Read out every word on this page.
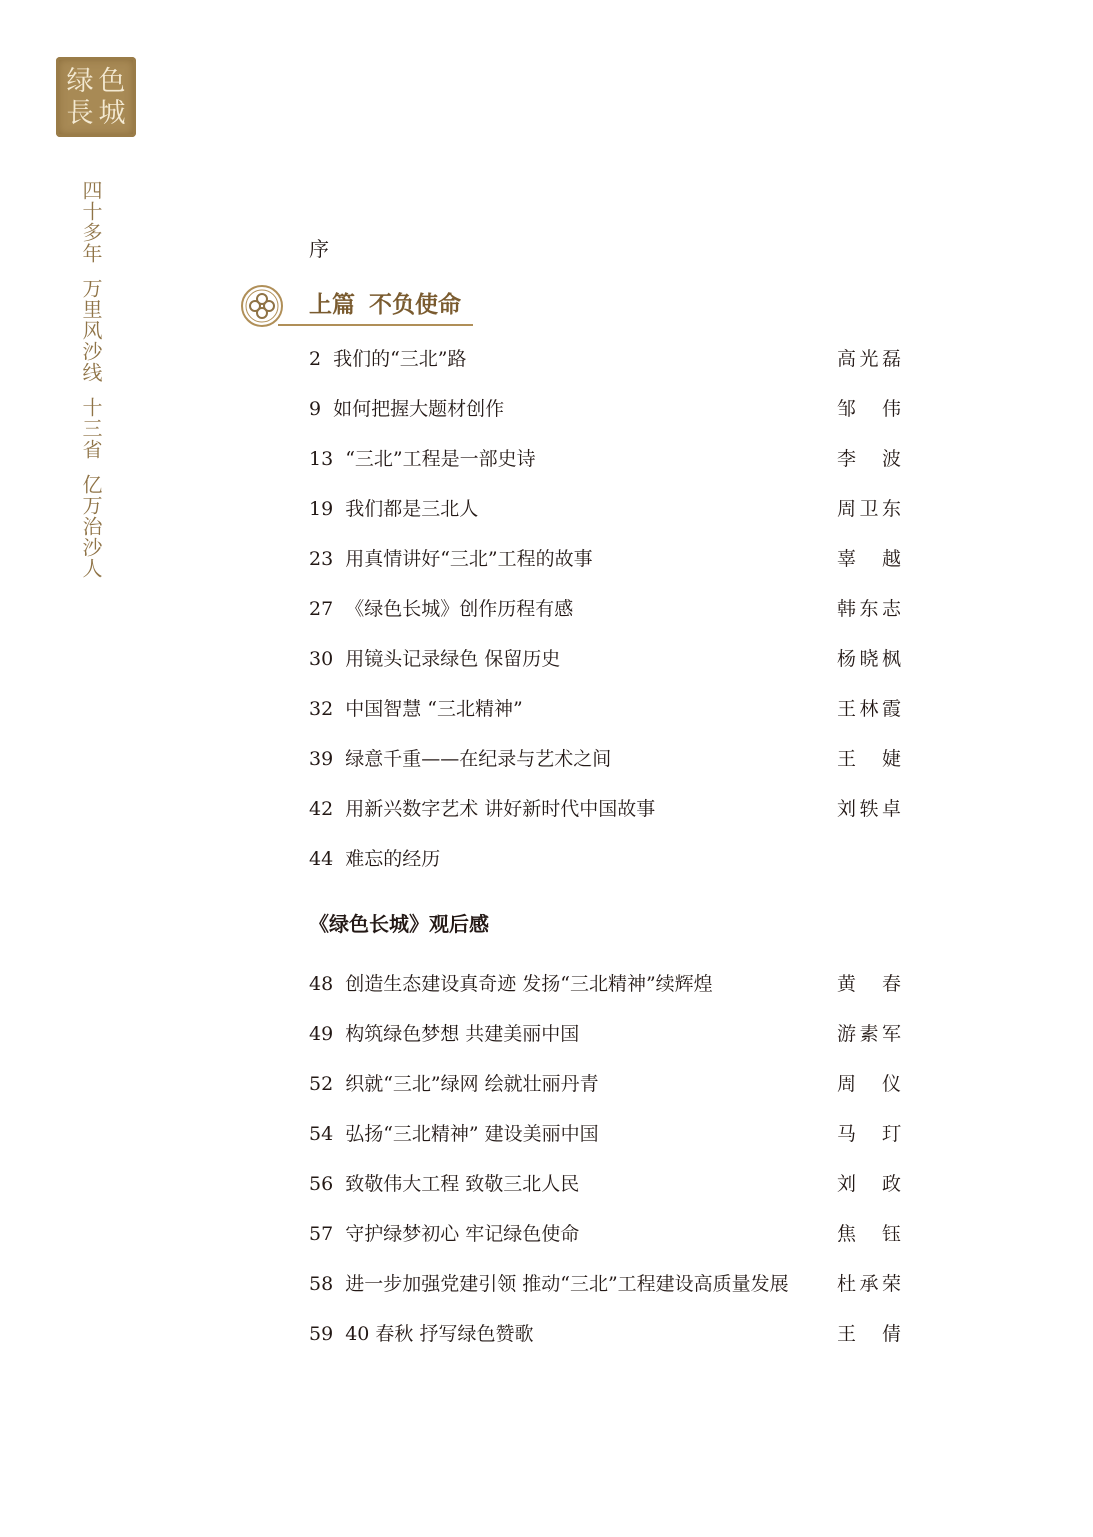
绿 色
長 城
四十多年万里风沙线十三省亿万治沙人
序
上篇 不负使命
2 我们的“三北”路	高光磊
9 如何把握大题材创作	邹 伟
13 “三北”工程是一部史诗	李 波
19 我们都是三北人	周卫东
23 用真情讲好“三北”工程的故事	辜 越
27 《绿色长城》创作历程有感	韩东志
30 用镜头记录绿色 保留历史	杨晓枫
32 中国智慧 “三北精神”	王林霞
39 绿意千重——在纪录与艺术之间	王 婕
42 用新兴数字艺术 讲好新时代中国故事	刘轶卓
44 难忘的经历
《绿色长城》观后感
48 创造生态建设真奇迹 发扬“三北精神”续辉煌	黄 春
49 构筑绿色梦想 共建美丽中国	游素军
52 织就“三北”绿网 绘就壮丽丹青	周 仪
54 弘扬“三北精神” 建设美丽中国	马 玎
56 致敬伟大工程 致敬三北人民	刘 政
57 守护绿梦初心 牢记绿色使命	焦 钰
58 进一步加强党建引领 推动“三北”工程建设高质量发展	杜承荣
59 40 春秋 抒写绿色赞歌	王 倩
